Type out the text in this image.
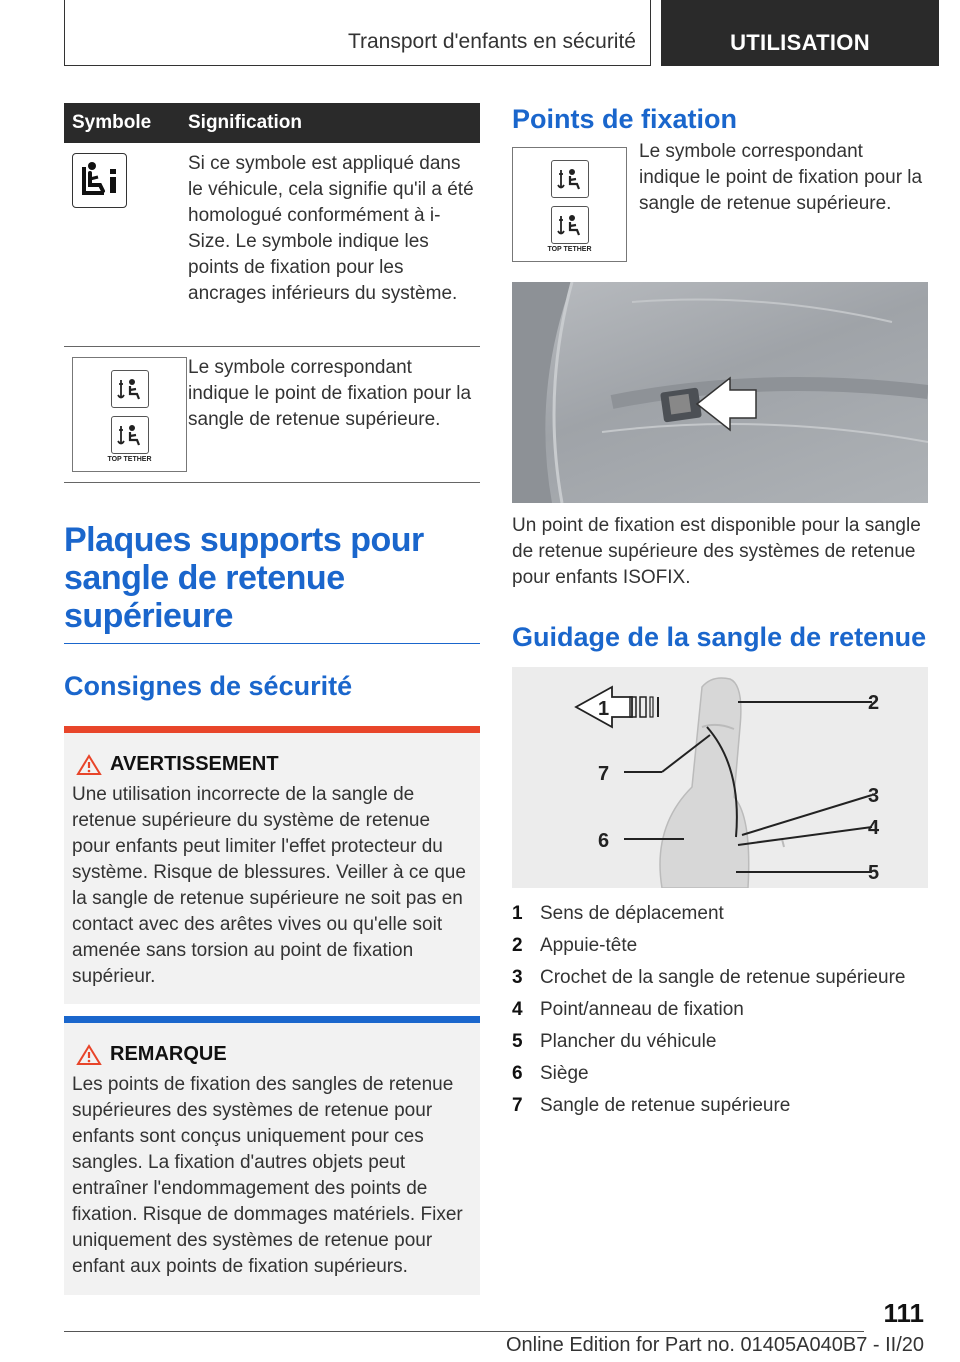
Transport d'enfants en sécurité	UTILISATION
Symbole	Signification
Si ce symbole est appliqué dans le véhicule, cela signifie qu'il a été homologué conformément à i-Size. Le symbole indique les points de fixation pour les ancrages inférieurs du système.
TOP TETHER
Le symbole correspondant indique le point de fixation pour la sangle de retenue supérieure.
Plaques supports pour sangle de retenue supérieure
Consignes de sécurité
AVERTISSEMENT
Une utilisation incorrecte de la sangle de retenue supérieure du système de retenue pour enfants peut limiter l'effet protecteur du système. Risque de blessures. Veiller à ce que la sangle de retenue supérieure ne soit pas en contact avec des arêtes vives ou qu'elle soit amenée sans torsion au point de fixation supérieur.
REMARQUE
Les points de fixation des sangles de retenue supérieures des systèmes de retenue pour enfants sont conçus uniquement pour ces sangles. La fixation d'autres objets peut entraîner l'endommagement des points de fixation. Risque de dommages matériels. Fixer uniquement des systèmes de retenue pour enfant aux points de fixation supérieurs.
Points de fixation
TOP TETHER
Le symbole correspondant indique le point de fixation pour la sangle de retenue supérieure.
Un point de fixation est disponible pour la sangle de retenue supérieure des systèmes de retenue pour enfants ISOFIX.
Guidage de la sangle de retenue
1	2
3
4
5
6
7
1 Sens de déplacement
2 Appuie-tête
3 Crochet de la sangle de retenue supérieure
4 Point/anneau de fixation
5 Plancher du véhicule
6 Siège
7 Sangle de retenue supérieure
111
Online Edition for Part no. 01405A040B7 - II/20
